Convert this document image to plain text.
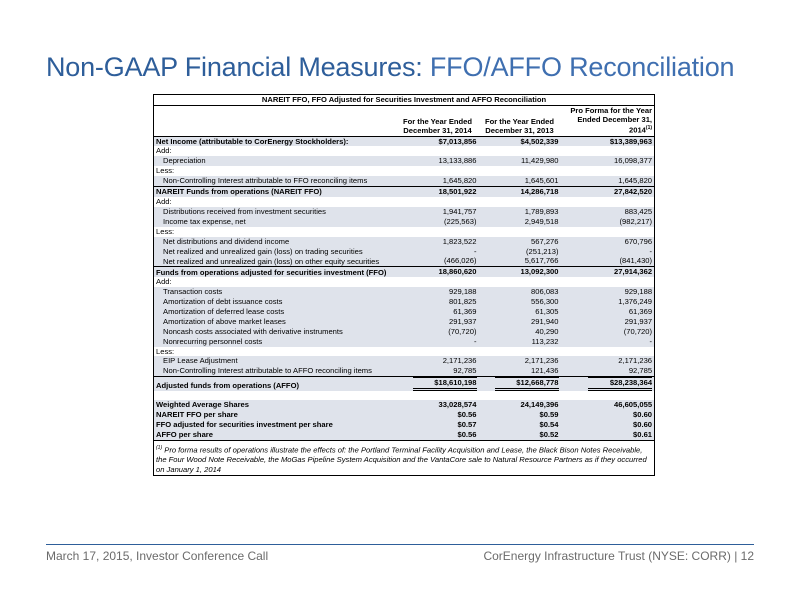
Non-GAAP Financial Measures: FFO/AFFO Reconciliation
NAREIT FFO, FFO Adjusted for Securities Investment and AFFO Reconciliation			
	For the Year Ended December 31, 2014	For the Year Ended December 31, 2013	Pro Forma for the Year Ended December 31, 2014$^{(1)}$
Net Income (attributable to CorEnergy Stockholders):	$7,013,856	$4,502,339	$13,389,963
Add:			
Depreciation	13,133,886	11,429,980	16,098,377
Less:			
Non-Controlling Interest attributable to FFO reconciling items	1,645,820	1,645,601	1,645,820
NAREIT Funds from operations (NAREIT FFO)	18,501,922	14,286,718	27,842,520
Add:			
Distributions received from investment securities	1,941,757	1,789,893	883,425
Income tax expense, net	(225,563)	2,949,518	(982,217)
Less:			
Net distributions and dividend income	1,823,522	567,276	670,796
Net realized and unrealized gain (loss) on trading securities	-	(251,213)	-
Net realized and unrealized gain (loss) on other equity securities	(466,026)	5,617,766	(841,430)
Funds from operations adjusted for securities investment (FFO)	18,860,620	13,092,300	27,914,362
Add:			
Transaction costs	929,188	806,083	929,188
Amortization of debt issuance costs	801,825	556,300	1,376,249
Amortization of deferred lease costs	61,369	61,305	61,369
Amortization of above market leases	291,937	291,940	291,937
Noncash costs associated with derivative instruments	(70,720)	40,290	(70,720)
Nonrecurring personnel costs	-	113,232	-
Less:			
EIP Lease Adjustment	2,171,236	2,171,236	2,171,236
Non-Controlling Interest attributable to AFFO reconciling items	92,785	121,436	92,785
Adjusted funds from operations (AFFO)	$18,610,198	$12,668,778	$28,238,364

Weighted Average Shares	33,028,574	24,149,396	46,605,055
NAREIT FFO per share	$0.56	$0.59	$0.60
FFO adjusted for securities investment per share	$0.57	$0.54	$0.60
AFFO per share	$0.56	$0.52	$0.61
$^{(1)}$ Pro forma results of operations illustrate the effects of: the Portland Terminal Facility Acquisition and Lease, the Black Bison Notes Receivable, the Four Wood Note Receivable, the MoGas Pipeline System Acquisition and the VantaCore sale to Natural Resource Partners as if they occurred on January 1, 2014			
March 17, 2015, Investor Conference Call	CorEnergy Infrastructure Trust (NYSE: CORR) | 12
